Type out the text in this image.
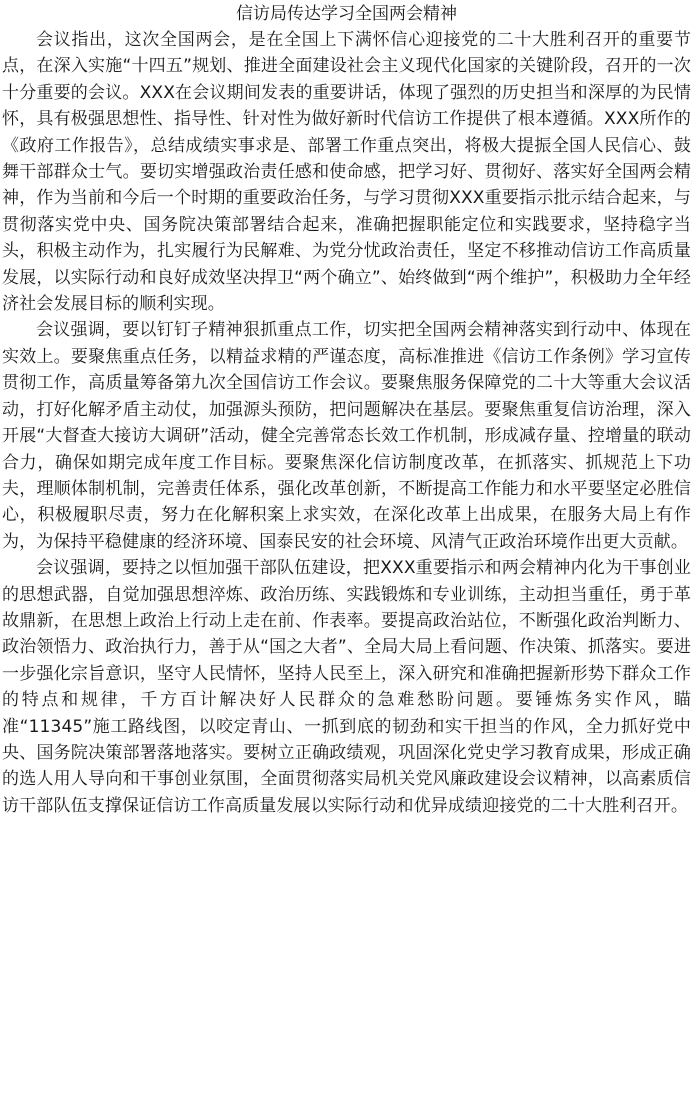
信访局传达学习全国两会精神

会议指出，这次全国两会，是在全国上下满怀信心迎接党的二十大胜利召开的重要节点，在深入实施“十四五”规划、推进全面建设社会主义现代化国家的关键阶段，召开的一次十分重要的会议。XXX在会议期间发表的重要讲话，体现了强烈的历史担当和深厚的为民情怀，具有极强思想性、指导性、针对性为做好新时代信访工作提供了根本遵循。XXX所作的《政府工作报告》，总结成绩实事求是、部署工作重点突出，将极大提振全国人民信心、鼓舞干部群众士气。要切实增强政治责任感和使命感，把学习好、贯彻好、落实好全国两会精神，作为当前和今后一个时期的重要政治任务，与学习贯彻XXX重要指示批示结合起来，与贯彻落实党中央、国务院决策部署结合起来，准确把握职能定位和实践要求，坚持稳字当头，积极主动作为，扎实履行为民解难、为党分忧政治责任，坚定不移推动信访工作高质量发展，以实际行动和良好成效坚决捍卫“两个确立”、始终做到“两个维护”，积极助力全年经济社会发展目标的顺利实现。

会议强调，要以钉钉子精神狠抓重点工作，切实把全国两会精神落实到行动中、体现在实效上。要聚焦重点任务，以精益求精的严谨态度，高标准推进《信访工作条例》学习宣传贯彻工作，高质量筹备第九次全国信访工作会议。要聚焦服务保障党的二十大等重大会议活动，打好化解矛盾主动仗，加强源头预防，把问题解决在基层。要聚焦重复信访治理，深入开展“大督查大接访大调研”活动，健全完善常态长效工作机制，形成减存量、控增量的联动合力，确保如期完成年度工作目标。要聚焦深化信访制度改革，在抓落实、抓规范上下功夫，理顺体制机制，完善责任体系，强化改革创新，不断提高工作能力和水平要坚定必胜信心，积极履职尽责，努力在化解积案上求实效，在深化改革上出成果，在服务大局上有作为，为保持平稳健康的经济环境、国泰民安的社会环境、风清气正政治环境作出更大贡献。

会议强调，要持之以恒加强干部队伍建设，把XXX重要指示和两会精神内化为干事创业的思想武器，自觉加强思想淬炼、政治历练、实践锻炼和专业训练，主动担当重任，勇于革故鼎新，在思想上政治上行动上走在前、作表率。要提高政治站位，不断强化政治判断力、政治领悟力、政治执行力，善于从“国之大者”、全局大局上看问题、作决策、抓落实。要进一步强化宗旨意识，坚守人民情怀，坚持人民至上，深入研究和准确把握新形势下群众工作的特点和规律，千方百计解决好人民群众的急难愁盼问题。要锤炼务实作风，瞄准“11345”施工路线图，以咬定青山、一抓到底的韧劲和实干担当的作风，全力抓好党中央、国务院决策部署落地落实。要树立正确政绩观，巩固深化党史学习教育成果，形成正确的选人用人导向和干事创业氛围，全面贯彻落实局机关党风廉政建设会议精神，以高素质信访干部队伍支撑保证信访工作高质量发展以实际行动和优异成绩迎接党的二十大胜利召开。
